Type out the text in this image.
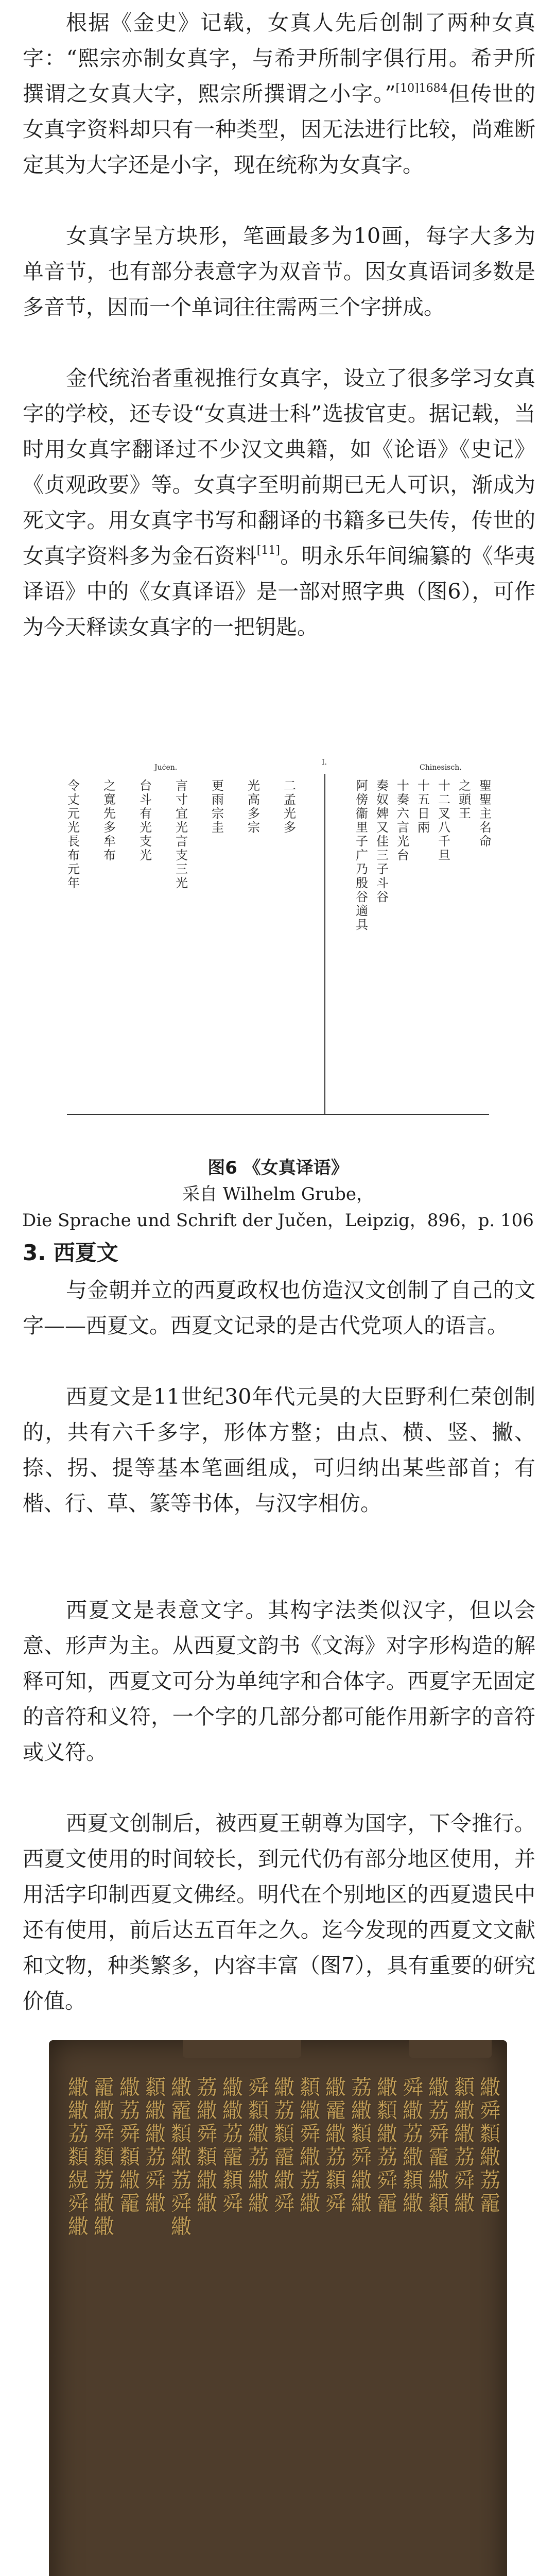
根据《金史》记载，女真人先后创制了两种女真字：“熙宗亦制女真字，与希尹所制字俱行用。希尹所撰谓之女真大字，熙宗所撰谓之小字。”$^{[10]1684}$但传世的女真字资料却只有一种类型，因无法进行比较，尚难断定其为大字还是小字，现在统称为女真字。

女真字呈方块形，笔画最多为10画，每字大多为单音节，也有部分表意字为双音节。因女真语词多数是多音节，因而一个单词往往需两三个字拼成。

金代统治者重视推行女真字，设立了很多学习女真字的学校，还专设“女真进士科”选拔官吏。据记载，当时用女真字翻译过不少汉文典籍，如《论语》《史记》《贞观政要》等。女真字至明前期已无人可识，渐成为死文字。用女真字书写和翻译的书籍多已失传，传世的女真字资料多为金石资料[11]。明永乐年间编纂的《华夷译语》中的《女真译语》是一部对照字典（图6），可作为今天释读女真字的一把钥匙。

Juċen.
I.
Chinesisch.
令
丈
元
光
長
布
元
年
之
寬
先
多
牟
布
台
斗
有
光
支
光
言
寸
宜
光
言
支
三
光
更
雨
宗
圭
光
高
多
宗
二
孟
光
多
阿
傍
衞
里
子
广
乃
殷
谷
適
具
奏
奴
婢
又
佳
三
子
斗
谷
十
奏
六
言
光
台
十
五
日
兩
十
二
叉
八
千
旦
之
頭
王
聖
聖
主
名
命
图6 《女真译语》
采自 Wilhelm Grube，
Die Sprache und Schrift der Jučen，Leipzig，896，p. 106
3. 西夏文

与金朝并立的西夏政权也仿造汉文创制了自己的文字——西夏文。西夏文记录的是古代党项人的语言。

西夏文是11世纪30年代元昊的大臣野利仁荣创制的，共有六千多字，形体方整；由点、横、竖、撇、捺、拐、提等基本笔画组成，可归纳出某些部首；有楷、行、草、篆等书体，与汉字相仿。

西夏文是表意文字。其构字法类似汉字，但以会意、形声为主。从西夏文韵书《文海》对字形构造的解释可知，西夏文可分为单纯字和合体字。西夏字无固定的音符和义符，一个字的几部分都可能作用新字的音符或义符。

西夏文创制后，被西夏王朝尊为国字，下令推行。西夏文使用的时间较长，到元代仍有部分地区使用，并用活字印制西夏文佛经。明代在个别地区的西夏遗民中还有使用，前后达五百年之久。迄今发现的西夏文文献和文物，种类繁多，内容丰富（图7），具有重要的研究价值。

繖
繖
荔
纇
縨
舜
繖
靇
繖
舜
纇
荔
繖
繖
繖
荔
舜
纇
繖
靇
纇
繖
繖
荔
舜
繖
繖
靇
纇
繖
荔
舜
繖
荔
繖
舜
纇
繖
繖
繖
繖
荔
靇
纇
舜
舜
纇
繖
荔
繖
繖
繖
荔
纇
靇
繖
舜
纇
繖
舜
繖
荔
繖
繖
靇
繖
荔
纇
舜
荔
繖
纇
舜
繖
繖
繖
纇
繖
荔
舜
靇
舜
繖
荔
繖
纇
繖
繖
荔
舜
靇
繖
纇
纇
繖
繖
荔
舜
繖
繖
舜
纇
繖
荔
靇
